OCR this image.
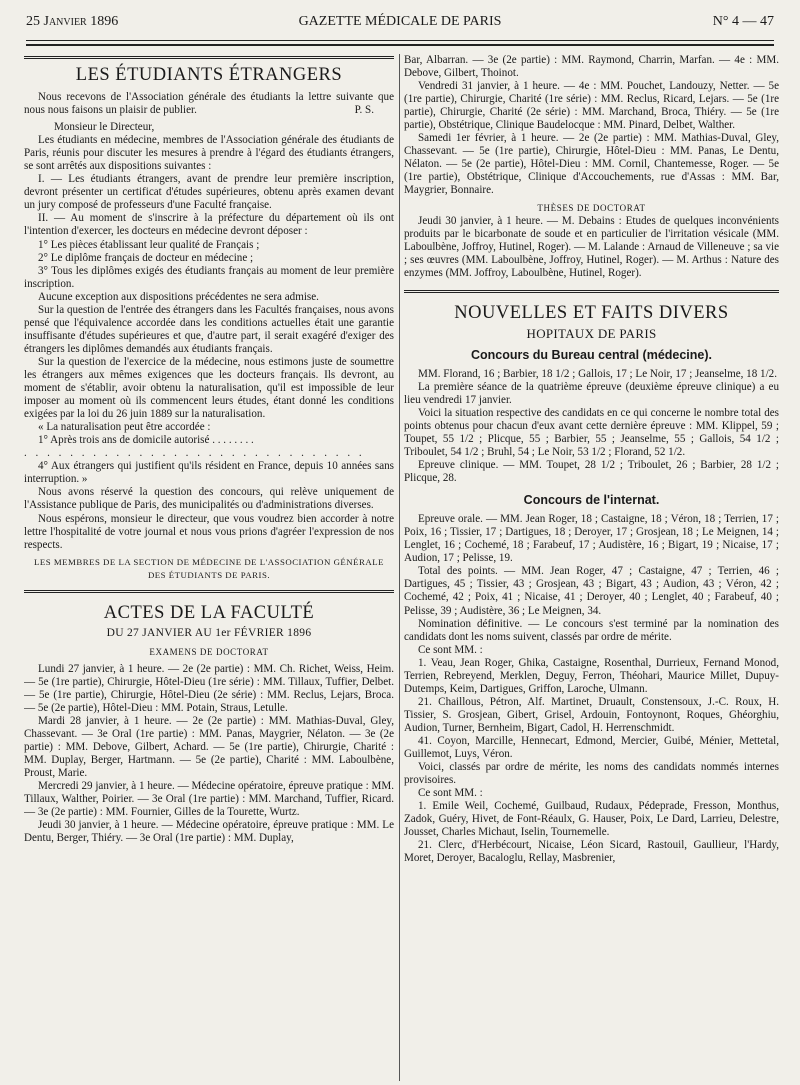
25 Janvier 1896	GAZETTE MÉDICALE DE PARIS	N° 4 — 47
LES ÉTUDIANTS ÉTRANGERS

Nous recevons de l'Association générale des étudiants la lettre suivante que nous nous faisons un plaisir de publier.	P. S.

Monsieur le Directeur,

Les étudiants en médecine, membres de l'Association générale des étudiants de Paris, réunis pour discuter les mesures à prendre à l'égard des étudiants étrangers, se sont arrêtés aux dispositions suivantes :

I. — Les étudiants étrangers, avant de prendre leur première inscription, devront présenter un certificat d'études supérieures, obtenu après examen devant un jury composé de professeurs d'une Faculté française.

II. — Au moment de s'inscrire à la préfecture du département où ils ont l'intention d'exercer, les docteurs en médecine devront déposer :

1° Les pièces établissant leur qualité de Français ;

2° Le diplôme français de docteur en médecine ;

3° Tous les diplômes exigés des étudiants français au moment de leur première inscription.

Aucune exception aux dispositions précédentes ne sera admise.

Sur la question de l'entrée des étrangers dans les Facultés françaises, nous avons pensé que l'équivalence accordée dans les conditions actuelles était une garantie insuffisante d'études supérieures et que, d'autre part, il serait exagéré d'exiger des étrangers les diplômes demandés aux étudiants français.

Sur la question de l'exercice de la médecine, nous estimons juste de soumettre les étrangers aux mêmes exigences que les docteurs français. Ils devront, au moment de s'établir, avoir obtenu la naturalisation, qu'il est impossible de leur imposer au moment où ils commencent leurs études, étant donné les conditions exigées par la loi du 26 juin 1889 sur la naturalisation.

« La naturalisation peut être accordée :

1° Après trois ans de domicile autorisé . . . . . . . .

. . . . . . . . . . . . . . . . . . . . . . . . . . . . . .

4° Aux étrangers qui justifient qu'ils résident en France, depuis 10 années sans interruption. »

Nous avons réservé la question des concours, qui relève uniquement de l'Assistance publique de Paris, des municipalités ou d'administrations diverses.

Nous espérons, monsieur le directeur, que vous voudrez bien accorder à notre lettre l'hospitalité de votre journal et nous vous prions d'agréer l'expression de nos respects.

LES MEMBRES DE LA SECTION DE MÉDECINE DE L'ASSOCIATION GÉNÉRALE DES ÉTUDIANTS DE PARIS.
ACTES DE LA FACULTÉ
DU 27 JANVIER AU 1er FÉVRIER 1896
EXAMENS DE DOCTORAT

Lundi 27 janvier, à 1 heure. — 2e (2e partie) : MM. Ch. Richet, Weiss, Heim. — 5e (1re partie), Chirurgie, Hôtel-Dieu (1re série) : MM. Tillaux, Tuffier, Delbet. — 5e (1re partie), Chirurgie, Hôtel-Dieu (2e série) : MM. Reclus, Lejars, Broca. — 5e (2e partie), Hôtel-Dieu : MM. Potain, Straus, Letulle.

Mardi 28 janvier, à 1 heure. — 2e (2e partie) : MM. Mathias-Duval, Gley, Chassevant. — 3e Oral (1re partie) : MM. Panas, Maygrier, Nélaton. — 3e (2e partie) : MM. Debove, Gilbert, Achard. — 5e (1re partie), Chirurgie, Charité : MM. Duplay, Berger, Hartmann. — 5e (2e partie), Charité : MM. Laboulbène, Proust, Marie.

Mercredi 29 janvier, à 1 heure. — Médecine opératoire, épreuve pratique : MM. Tillaux, Walther, Poirier. — 3e Oral (1re partie) : MM. Marchand, Tuffier, Ricard. — 3e (2e partie) : MM. Fournier, Gilles de la Tourette, Wurtz.

Jeudi 30 janvier, à 1 heure. — Médecine opératoire, épreuve pratique : MM. Le Dentu, Berger, Thiéry. — 3e Oral (1re partie) : MM. Duplay,

Bar, Albarran. — 3e (2e partie) : MM. Raymond, Charrin, Marfan. — 4e : MM. Debove, Gilbert, Thoinot.

Vendredi 31 janvier, à 1 heure. — 4e : MM. Pouchet, Landouzy, Netter. — 5e (1re partie), Chirurgie, Charité (1re série) : MM. Reclus, Ricard, Lejars. — 5e (1re partie), Chirurgie, Charité (2e série) : MM. Marchand, Broca, Thiéry. — 5e (1re partie), Obstétrique, Clinique Baudelocque : MM. Pinard, Delbet, Walther.

Samedi 1er février, à 1 heure. — 2e (2e partie) : MM. Mathias-Duval, Gley, Chassevant. — 5e (1re partie), Chirurgie, Hôtel-Dieu : MM. Panas, Le Dentu, Nélaton. — 5e (2e partie), Hôtel-Dieu : MM. Cornil, Chantemesse, Roger. — 5e (1re partie), Obstétrique, Clinique d'Accouchements, rue d'Assas : MM. Bar, Maygrier, Bonnaire.

THÈSES DE DOCTORAT

Jeudi 30 janvier, à 1 heure. — M. Debains : Etudes de quelques inconvénients produits par le bicarbonate de soude et en particulier de l'irritation vésicale (MM. Laboulbène, Joffroy, Hutinel, Roger). — M. Lalande : Arnaud de Villeneuve ; sa vie ; ses œuvres (MM. Laboulbène, Joffroy, Hutinel, Roger). — M. Arthus : Nature des enzymes (MM. Joffroy, Laboulbène, Hutinel, Roger).

NOUVELLES ET FAITS DIVERS
HOPITAUX DE PARIS
Concours du Bureau central (médecine).

MM. Florand, 16 ; Barbier, 18 1/2 ; Gallois, 17 ; Le Noir, 17 ; Jeanselme, 18 1/2.

La première séance de la quatrième épreuve (deuxième épreuve clinique) a eu lieu vendredi 17 janvier.

Voici la situation respective des candidats en ce qui concerne le nombre total des points obtenus pour chacun d'eux avant cette dernière épreuve : MM. Klippel, 59 ; Toupet, 55 1/2 ; Plicque, 55 ; Barbier, 55 ; Jeanselme, 55 ; Gallois, 54 1/2 ; Triboulet, 54 1/2 ; Bruhl, 54 ; Le Noir, 53 1/2 ; Florand, 52 1/2.

Epreuve clinique. — MM. Toupet, 28 1/2 ; Triboulet, 26 ; Barbier, 28 1/2 ; Plicque, 28.

Concours de l'internat.

Epreuve orale. — MM. Jean Roger, 18 ; Castaigne, 18 ; Véron, 18 ; Terrien, 17 ; Poix, 16 ; Tissier, 17 ; Dartigues, 18 ; Deroyer, 17 ; Grosjean, 18 ; Le Meignen, 14 ; Lenglet, 16 ; Cochemé, 18 ; Farabeuf, 17 ; Audistère, 16 ; Bigart, 19 ; Nicaise, 17 ; Audion, 17 ; Pelisse, 19.

Total des points. — MM. Jean Roger, 47 ; Castaigne, 47 ; Terrien, 46 ; Dartigues, 45 ; Tissier, 43 ; Grosjean, 43 ; Bigart, 43 ; Audion, 43 ; Véron, 42 ; Cochemé, 42 ; Poix, 41 ; Nicaise, 41 ; Deroyer, 40 ; Lenglet, 40 ; Farabeuf, 40 ; Pelisse, 39 ; Audistère, 36 ; Le Meignen, 34.

Nomination définitive. — Le concours s'est terminé par la nomination des candidats dont les noms suivent, classés par ordre de mérite.

Ce sont MM. :

1. Veau, Jean Roger, Ghika, Castaigne, Rosenthal, Durrieux, Fernand Monod, Terrien, Rebreyend, Merklen, Deguy, Ferron, Théohari, Maurice Millet, Dupuy-Dutemps, Keim, Dartigues, Griffon, Laroche, Ulmann.

21. Chaillous, Pétron, Alf. Martinet, Druault, Constensoux, J.-C. Roux, H. Tissier, S. Grosjean, Gibert, Grisel, Ardouin, Fontoynont, Roques, Ghéorghiu, Audion, Turner, Bernheim, Bigart, Cadol, H. Herrenschmidt.

41. Coyon, Marcille, Hennecart, Edmond, Mercier, Guibé, Ménier, Mettetal, Guillemot, Luys, Véron.

Voici, classés par ordre de mérite, les noms des candidats nommés internes provisoires.

Ce sont MM. :

1. Emile Weil, Cochemé, Guilbaud, Rudaux, Pédeprade, Fresson, Monthus, Zadok, Guéry, Hivet, de Font-Réaulx, G. Hauser, Poix, Le Dard, Larrieu, Delestre, Jousset, Charles Michaut, Iselin, Tournemelle.

21. Clerc, d'Herbécourt, Nicaise, Léon Sicard, Rastouil, Gaullieur, l'Hardy, Moret, Deroyer, Bacaloglu, Rellay, Masbrenier,
